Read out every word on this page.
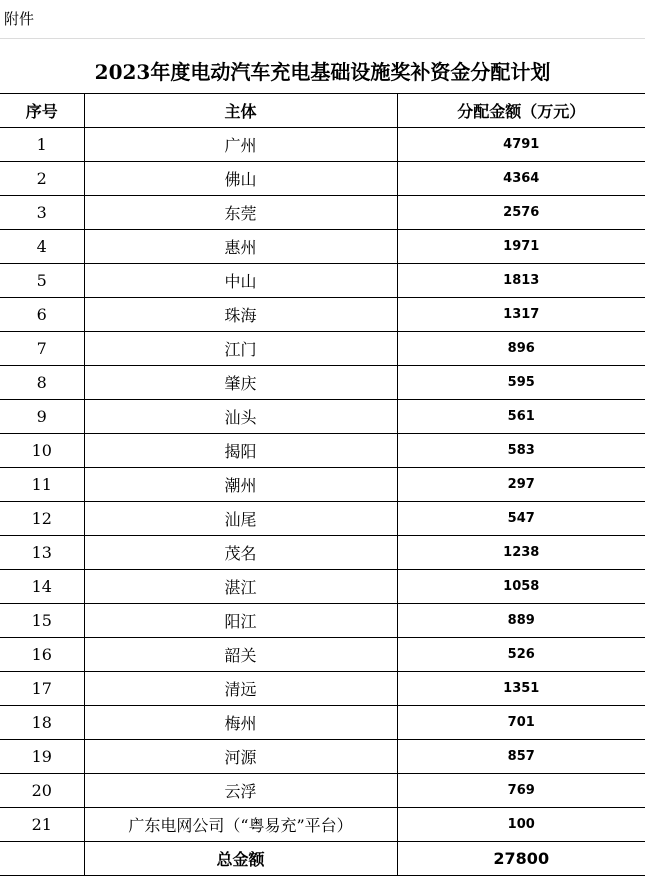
附件
2023年度电动汽车充电基础设施奖补资金分配计划
序号	主体	分配金额（万元）
1	广州	4791
2	佛山	4364
3	东莞	2576
4	惠州	1971
5	中山	1813
6	珠海	1317
7	江门	896
8	肇庆	595
9	汕头	561
10	揭阳	583
11	潮州	297
12	汕尾	547
13	茂名	1238
14	湛江	1058
15	阳江	889
16	韶关	526
17	清远	1351
18	梅州	701
19	河源	857
20	云浮	769
21	广东电网公司（“粤易充”平台）	100
	总金额	27800
